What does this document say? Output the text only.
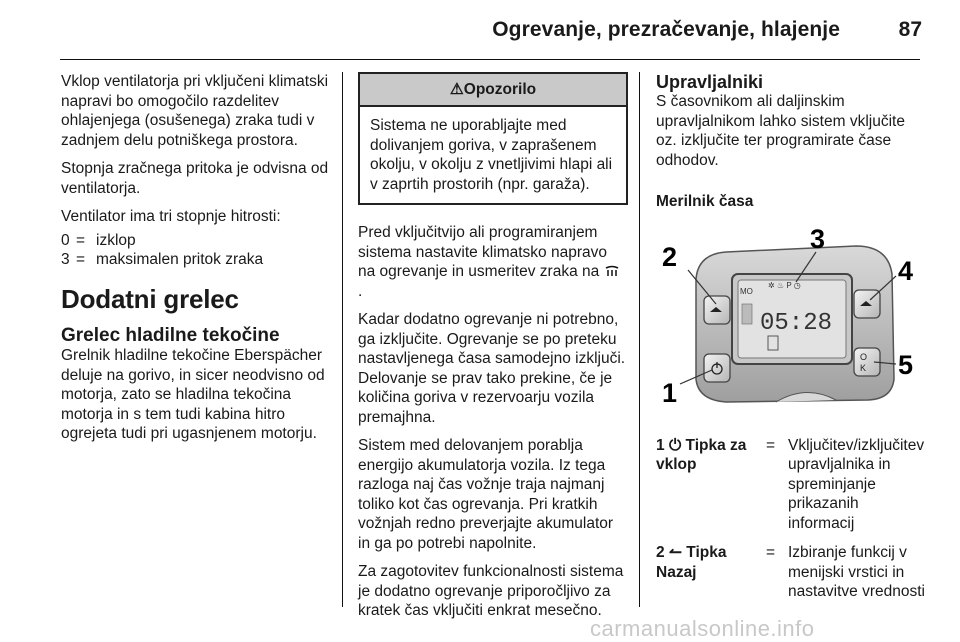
Ogrevanje, prezračevanje, hlajenje	87

Vklop ventilatorja pri vključeni klimatski napravi bo omogočilo razdelitev ohlajenjega (osušenega) zraka tudi v zadnjem delu potniškega prostora.

Stopnja zračnega pritoka je odvisna od ventilatorja.

Ventilator ima tri stopnje hitrosti:

0 = izklop
3 = maksimalen pritok zraka
Dodatni grelec
Grelec hladilne tekočine

Grelnik hladilne tekočine Eberspächer deluje na gorivo, in sicer neodvisno od motorja, zato se hladilna tekočina motorja in s tem tudi kabina hitro ogrejeta tudi pri ugasnjenem motorju.

⚠Opozorilo
Sistema ne uporabljajte med dolivanjem goriva, v zaprašenem okolju, v okolju z vnetljivimi hlapi ali v zaprtih prostorih (npr. garaža).

Pred vključitvijo ali programiranjem sistema nastavite klimatsko napravo na ogrevanje in usmeritev zraka na  .

Kadar dodatno ogrevanje ni potrebno, ga izključite. Ogrevanje se po preteku nastavljenega časa samodejno izključi. Delovanje se prav tako prekine, če je količina goriva v rezervoarju vozila premajhna.

Sistem med delovanjem porablja energijo akumulatorja vozila. Iz tega razloga naj čas vožnje traja najmanj toliko kot čas ogrevanja. Pri kratkih vožnjah redno preverjajte akumulator in ga po potrebi napolnite.

Za zagotovitev funkcionalnosti sistema je dodatno ogrevanje priporočljivo za kratek čas vključiti enkrat mesečno.

Upravljalniki

S časovnikom ali daljinskim upravljalnikom lahko sistem vključite oz. izključite ter programirate čase odhodov.

Merilnik časa
MO
✲ ♨ P ◷
05:28
O
K
2
1
3
4
5
1 ⏻ Tipka za vklop
= Vključitev/izključitev upravljalnika in spreminjanje prikazanih informacij
2 ↼ Tipka Nazaj
= Izbiranje funkcij v menijski vrstici in nastavitve vrednosti
carmanualsonline.info
